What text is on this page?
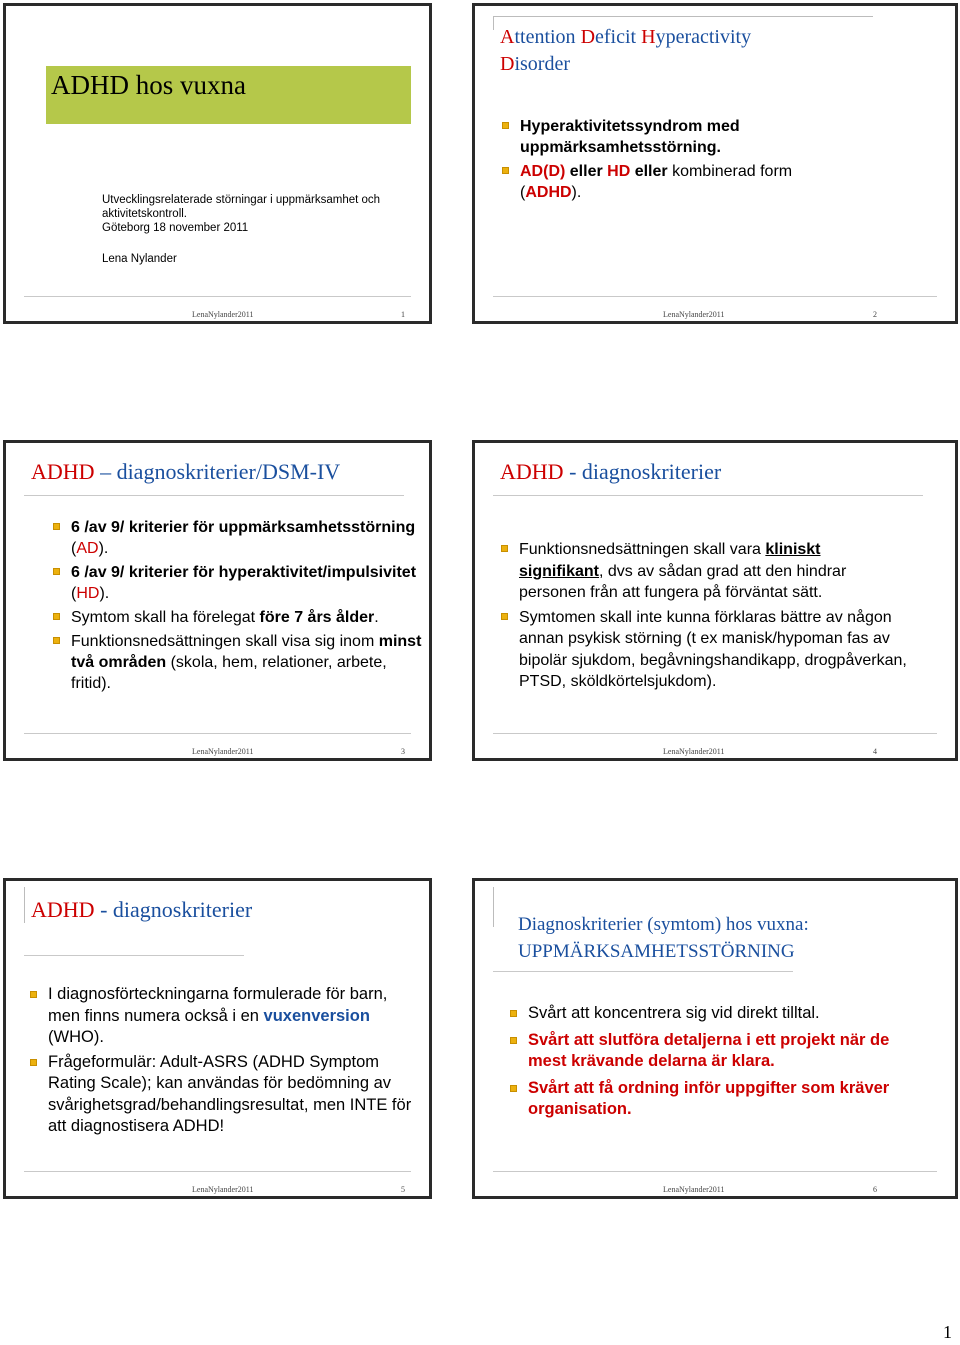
ADHD hos vuxna
Utvecklingsrelaterade störningar i uppmärksamhet och aktivitetskontroll.
Göteborg 18 november 2011
Lena Nylander
LenaNylander2011	1
Attention Deficit Hyperactivity
Disorder
Hyperaktivitetssyndrom med uppmärksamhetsstörning.
AD(D) eller HD eller kombinerad form (ADHD).
LenaNylander2011	2
ADHD – diagnoskriterier/DSM-IV
6 /av 9/ kriterier för uppmärksamhetsstörning (AD).
6 /av 9/ kriterier för hyperaktivitet/impulsivitet (HD).
Symtom skall ha förelegat före 7 års ålder.
Funktionsnedsättningen skall visa sig inom minst två områden (skola, hem, relationer, arbete, fritid).
LenaNylander2011	3
ADHD - diagnoskriterier
Funktionsnedsättningen skall vara kliniskt signifikant, dvs av sådan grad att den hindrar personen från att fungera på förväntat sätt.
Symtomen skall inte kunna förklaras bättre av någon annan psykisk störning (t ex manisk/hypoman fas av bipolär sjukdom, begåvningshandikapp, drogpåverkan, PTSD, sköldkörtelsjukdom).
LenaNylander2011	4
ADHD - diagnoskriterier
I diagnosförteckningarna formulerade för barn, men finns numera också i en vuxenversion (WHO).
Frågeformulär: Adult-ASRS (ADHD Symptom Rating Scale); kan användas för bedömning av svårighetsgrad/behandlingsresultat, men INTE för att diagnostisera ADHD!
LenaNylander2011	5
Diagnoskriterier (symtom) hos vuxna:
UPPMÄRKSAMHETSSTÖRNING
Svårt att koncentrera sig vid direkt tilltal.
Svårt att slutföra detaljerna i ett projekt när de mest krävande delarna är klara.
Svårt att få ordning inför uppgifter som kräver organisation.
LenaNylander2011	6
1
